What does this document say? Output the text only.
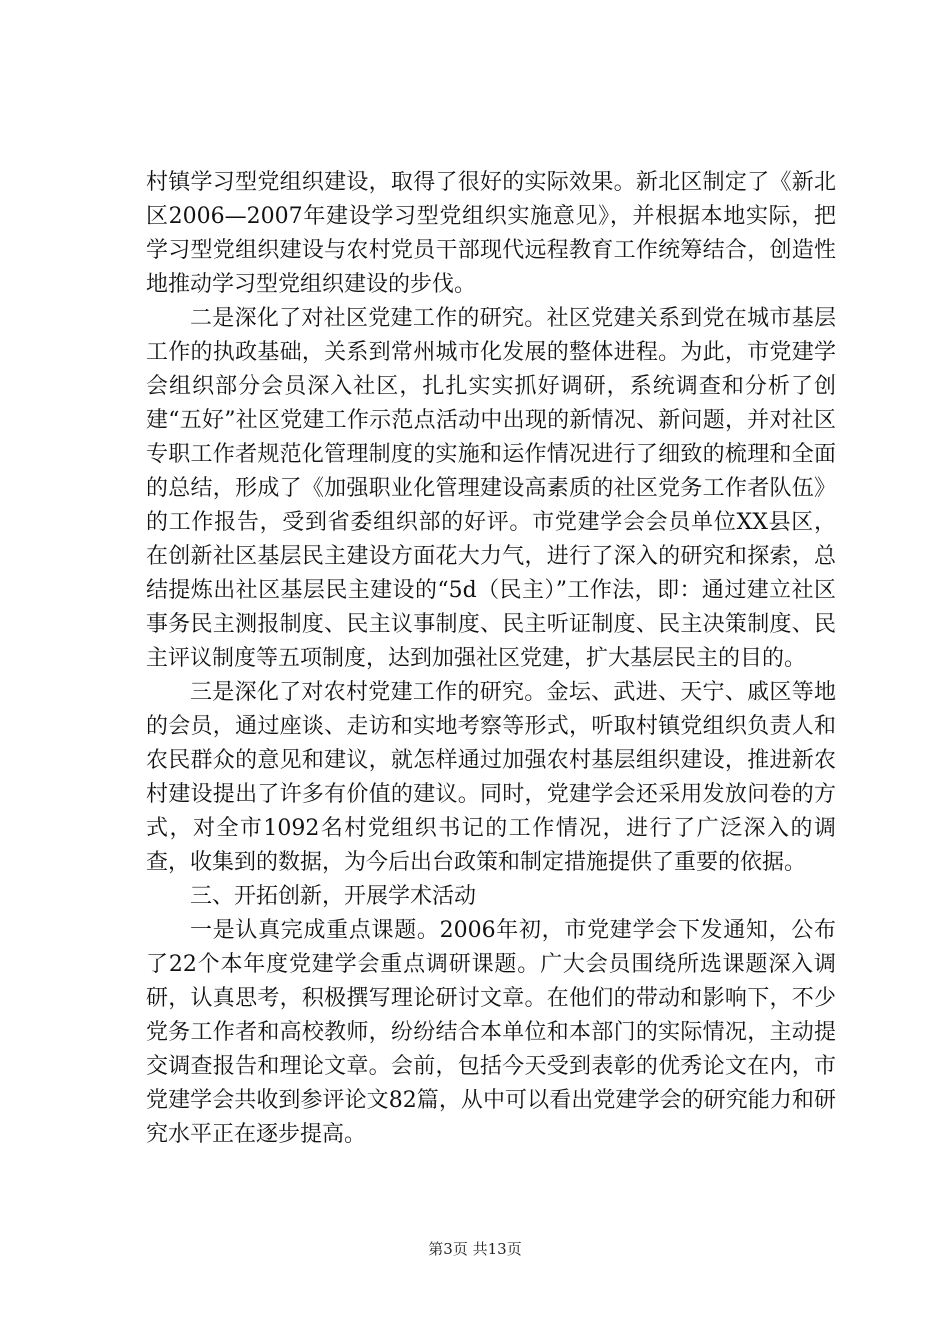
村镇学习型党组织建设，取得了很好的实际效果。新北区制定了《新北区2006—2007年建设学习型党组织实施意见》，并根据本地实际，把学习型党组织建设与农村党员干部现代远程教育工作统筹结合，创造性地推动学习型党组织建设的步伐。

二是深化了对社区党建工作的研究。社区党建关系到党在城市基层工作的执政基础，关系到常州城市化发展的整体进程。为此，市党建学会组织部分会员深入社区，扎扎实实抓好调研，系统调查和分析了创建“五好”社区党建工作示范点活动中出现的新情况、新问题，并对社区专职工作者规范化管理制度的实施和运作情况进行了细致的梳理和全面的总结，形成了《加强职业化管理建设高素质的社区党务工作者队伍》的工作报告，受到省委组织部的好评。市党建学会会员单位XX县区，在创新社区基层民主建设方面花大力气，进行了深入的研究和探索，总结提炼出社区基层民主建设的“5d（民主）”工作法，即：通过建立社区事务民主测报制度、民主议事制度、民主听证制度、民主决策制度、民主评议制度等五项制度，达到加强社区党建，扩大基层民主的目的。

三是深化了对农村党建工作的研究。金坛、武进、天宁、戚区等地的会员，通过座谈、走访和实地考察等形式，听取村镇党组织负责人和农民群众的意见和建议，就怎样通过加强农村基层组织建设，推进新农村建设提出了许多有价值的建议。同时，党建学会还采用发放问卷的方式，对全市1092名村党组织书记的工作情况，进行了广泛深入的调查，收集到的数据，为今后出台政策和制定措施提供了重要的依据。

三、开拓创新，开展学术活动

一是认真完成重点课题。2006年初，市党建学会下发通知，公布了22个本年度党建学会重点调研课题。广大会员围绕所选课题深入调研，认真思考，积极撰写理论研讨文章。在他们的带动和影响下，不少党务工作者和高校教师，纷纷结合本单位和本部门的实际情况，主动提交调查报告和理论文章。会前，包括今天受到表彰的优秀论文在内，市党建学会共收到参评论文82篇，从中可以看出党建学会的研究能力和研究水平正在逐步提高。

第3页 共13页
